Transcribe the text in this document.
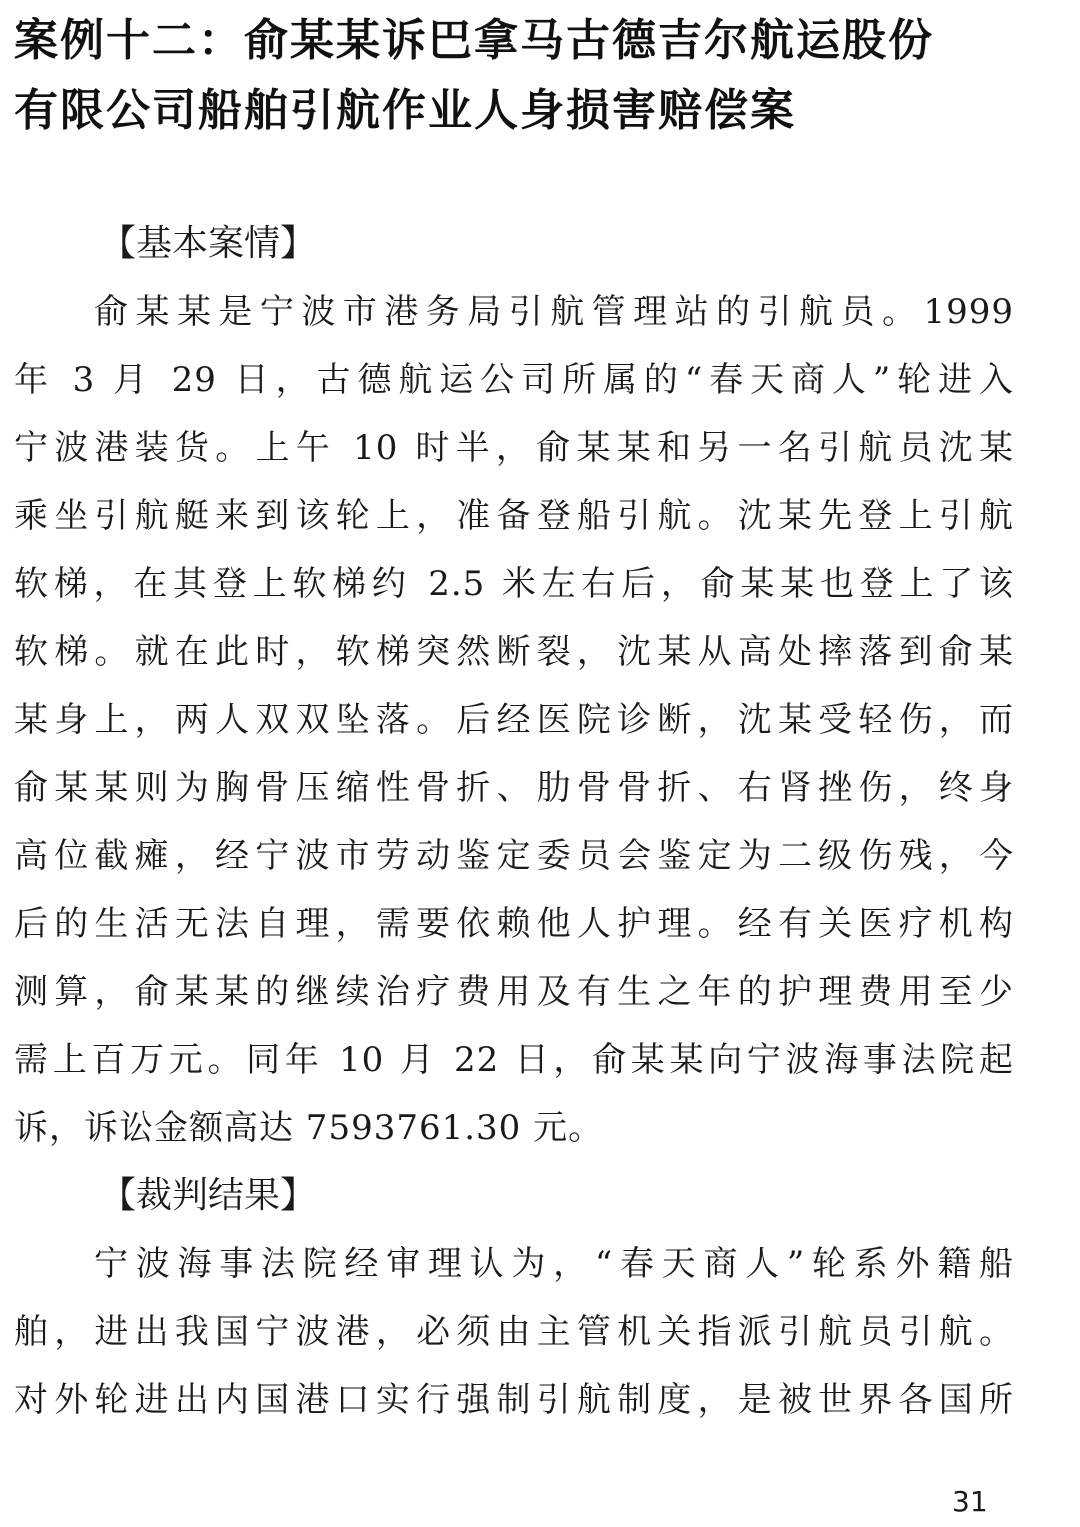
案例十二：俞某某诉巴拿马古德吉尔航运股份
有限公司船舶引航作业人身损害赔偿案
【基本案情】
俞某某是宁波市港务局引航管理站的引航员。1999
年 3 月 29 日，古德航运公司所属的“春天商人”轮进入
宁波港装货。上午 10 时半，俞某某和另一名引航员沈某
乘坐引航艇来到该轮上，准备登船引航。沈某先登上引航
软梯，在其登上软梯约 2.5 米左右后，俞某某也登上了该
软梯。就在此时，软梯突然断裂，沈某从高处摔落到俞某
某身上，两人双双坠落。后经医院诊断，沈某受轻伤，而
俞某某则为胸骨压缩性骨折、肋骨骨折、右肾挫伤，终身
高位截瘫，经宁波市劳动鉴定委员会鉴定为二级伤残，今
后的生活无法自理，需要依赖他人护理。经有关医疗机构
测算，俞某某的继续治疗费用及有生之年的护理费用至少
需上百万元。同年 10 月 22 日，俞某某向宁波海事法院起
诉，诉讼金额高达 7593761.30 元。
【裁判结果】
宁波海事法院经审理认为，“春天商人”轮系外籍船
舶，进出我国宁波港，必须由主管机关指派引航员引航。
对外轮进出内国港口实行强制引航制度，是被世界各国所
31
